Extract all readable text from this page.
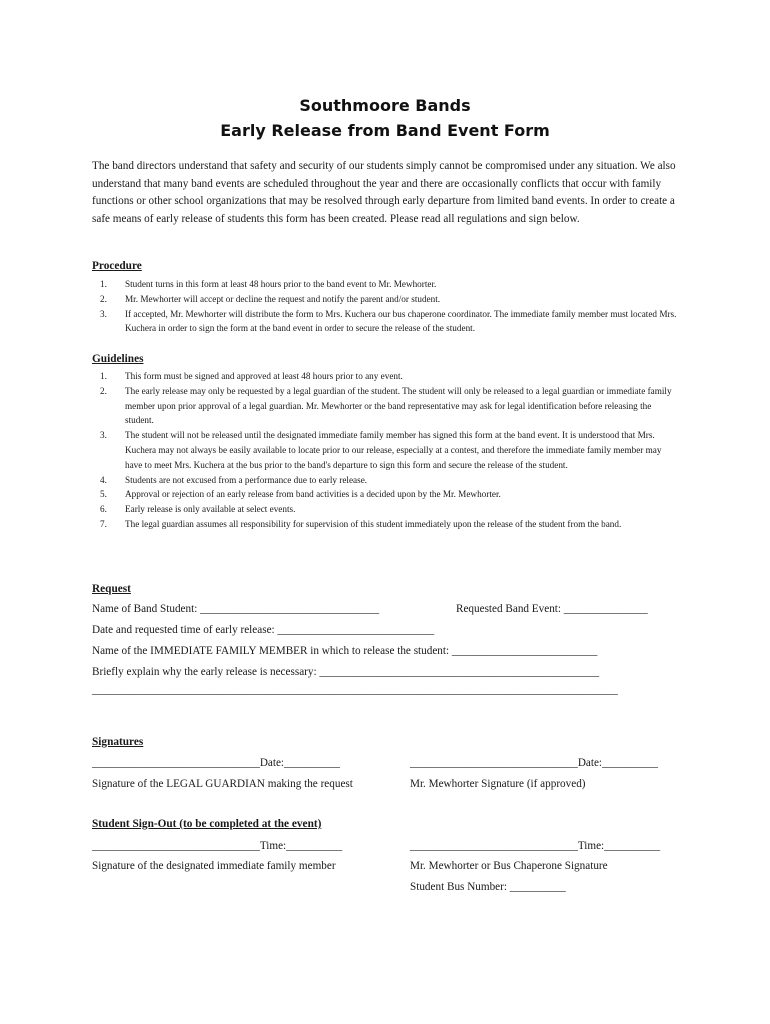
Southmoore Bands
Early Release from Band Event Form

The band directors understand that safety and security of our students simply cannot be compromised under any situation. We also understand that many band events are scheduled throughout the year and there are occasionally conflicts that occur with family functions or other school organizations that may be resolved through early departure from limited band events. In order to create a safe means of early release of students this form has been created. Please read all regulations and sign below.

Procedure

1. Student turns in this form at least 48 hours prior to the band event to Mr. Mewhorter.
2. Mr. Mewhorter will accept or decline the request and notify the parent and/or student.
3. If accepted, Mr. Mewhorter will distribute the form to Mrs. Kuchera our bus chaperone coordinator. The immediate family member must located Mrs. Kuchera in order to sign the form at the band event in order to secure the release of the student.

Guidelines

1. This form must be signed and approved at least 48 hours prior to any event.
2. The early release may only be requested by a legal guardian of the student. The student will only be released to a legal guardian or immediate family member upon prior approval of a legal guardian. Mr. Mewhorter or the band representative may ask for legal identification before releasing the student.
3. The student will not be released until the designated immediate family member has signed this form at the band event. It is understood that Mrs. Kuchera may not always be easily available to locate prior to our release, especially at a contest, and therefore the immediate family member may have to meet Mrs. Kuchera at the bus prior to the band's departure to sign this form and secure the release of the student.
4. Students are not excused from a performance due to early release.
5. Approval or rejection of an early release from band activities is a decided upon by the Mr. Mewhorter.
6. Early release is only available at select events.
7. The legal guardian assumes all responsibility for supervision of this student immediately upon the release of the student from the band.

Request

Name of Band Student: ________________________________	Requested Band Event: _______________

Date and requested time of early release: ____________________________

Name of the IMMEDIATE FAMILY MEMBER in which to release the student: __________________________

Briefly explain why the early release is necessary: __________________________________________________

______________________________________________________________________________________________

Signatures

______________________________Date:__________

Signature of the LEGAL GUARDIAN making the request

______________________________Date:__________

Mr. Mewhorter Signature (if approved)

Student Sign-Out (to be completed at the event)

______________________________Time:__________

Signature of the designated immediate family member

______________________________Time:__________

Mr. Mewhorter or Bus Chaperone Signature

Student Bus Number: __________
